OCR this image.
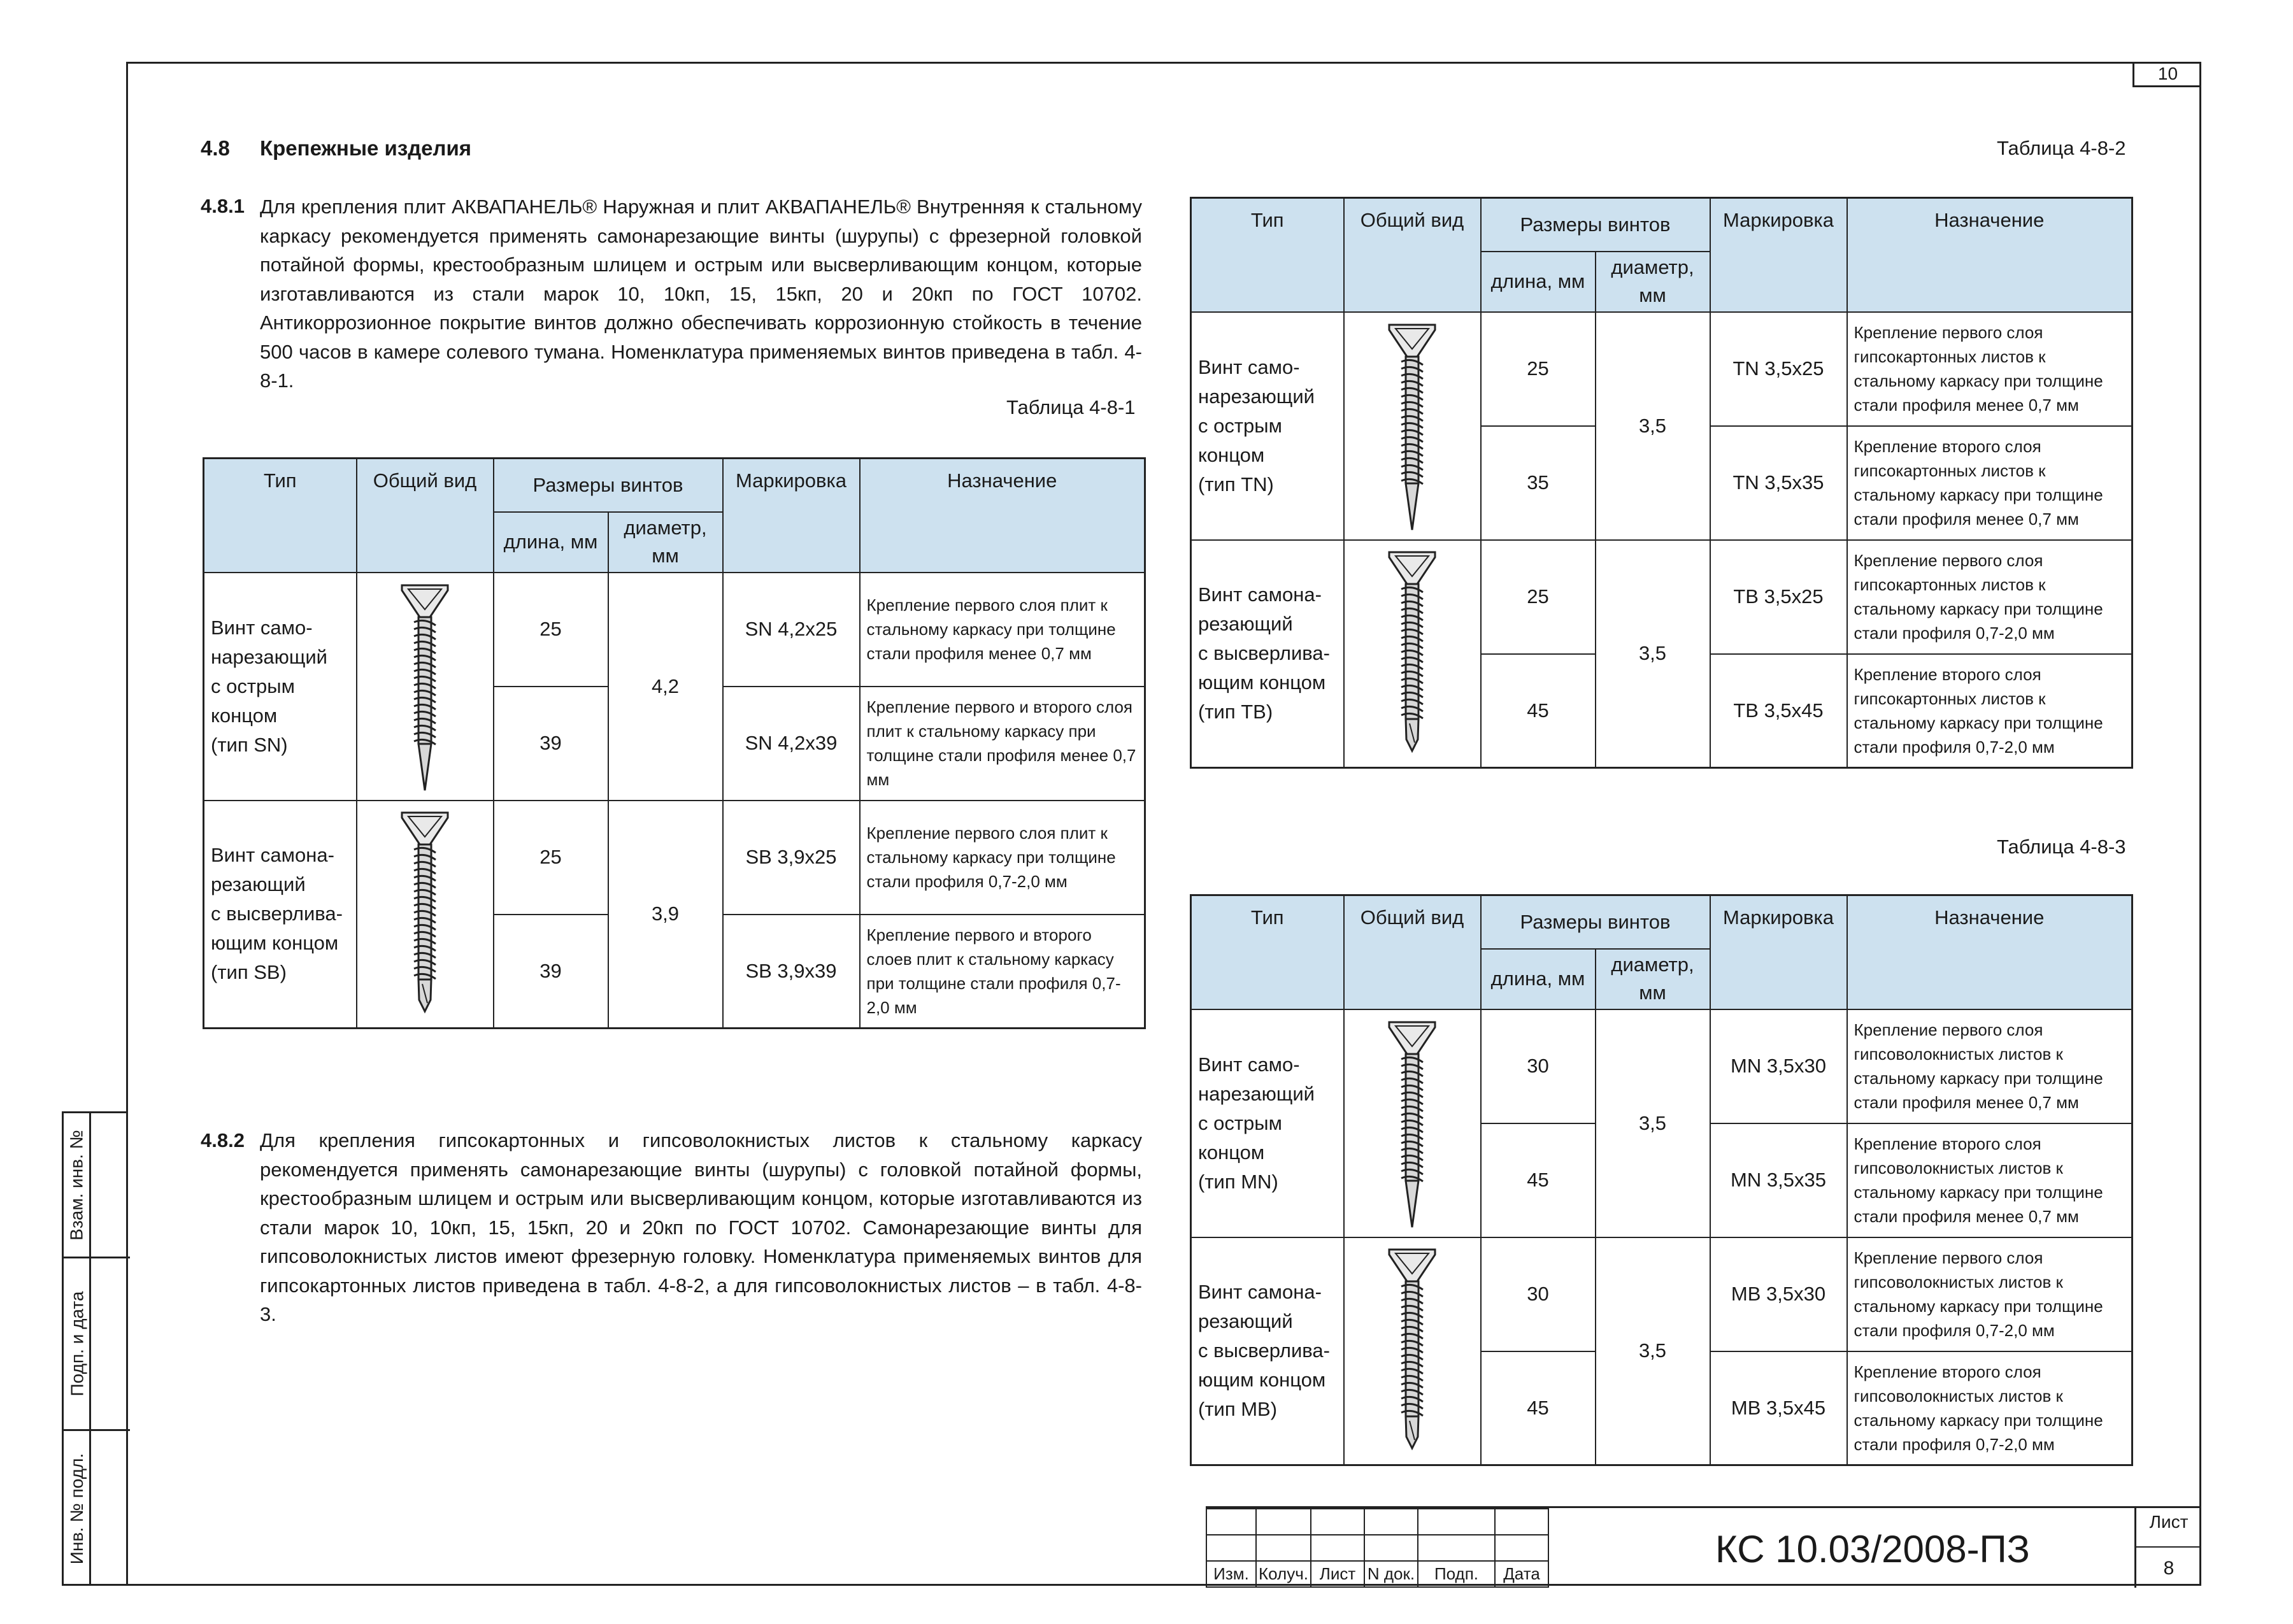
10
Взам. инв. №
Подп. и дата
Инв. № подл.
4.8 Крепежные изделия
4.8.1 Для крепления плит АКВАПАНЕЛЬ® Наружная и плит АКВАПАНЕЛЬ® Внутренняя к стальному каркасу рекомендуется применять самонарезающие винты (шурупы) с фрезерной головкой потайной формы, крестообразным шлицем и острым или высверливающим концом, которые изготавливаются из стали марок 10, 10кп, 15, 15кп, 20 и 20кп по ГОСТ 10702. Антикоррозионное покрытие винтов должно обеспечивать коррозионную стойкость в течение 500 часов в камере солевого тумана. Номенклатура применяемых винтов приведена в табл. 4-8-1.
Таблица 4-8-1
Тип	Общий вид	Размеры винтов		Маркировка	Назначение
		длина, мм	диаметр, мм		
Винт само-
нарезающий
с острым
концом
(тип SN)		25	4,2	SN 4,2x25	Крепление первого слоя плит к стальному каркасу при толщине стали профиля менее 0,7 мм
		39		SN 4,2x39	Крепление первого и второго слоя плит к стальному каркасу при толщине стали профиля менее 0,7 мм
Винт самона-
резающий
с высверлива-
ющим концом
(тип SB)		25	3,9	SB 3,9x25	Крепление первого слоя плит к стальному каркасу при толщине стали профиля 0,7-2,0 мм
		39		SB 3,9x39	Крепление первого и второго слоев плит к стальному каркасу при толщине стали профиля 0,7-2,0 мм
4.8.2 Для крепления гипсокартонных и гипсоволокнистых листов к стальному каркасу рекомендуется применять самонарезающие винты (шурупы) с головкой потайной формы, крестообразным шлицем и острым или высверливающим концом, которые изготавливаются из стали марок 10, 10кп, 15, 15кп, 20 и 20кп по ГОСТ 10702. Самонарезающие винты для гипсоволокнистых листов имеют фрезерную головку. Номенклатура применяемых винтов для гипсокартонных листов приведена в табл. 4-8-2, а для гипсоволокнистых листов – в табл. 4-8-3.
Таблица 4-8-2
Тип	Общий вид	Размеры винтов		Маркировка	Назначение
		длина, мм	диаметр, мм		
Винт само-
нарезающий
с острым
концом
(тип TN)		25	3,5	TN 3,5x25	Крепление первого слоя гипсокартонных листов к стальному каркасу при толщине стали профиля менее 0,7 мм
		35		TN 3,5x35	Крепление второго слоя гипсокартонных листов к стальному каркасу при толщине стали профиля менее 0,7 мм
Винт самона-
резающий
с высверлива-
ющим концом
(тип TB)		25	3,5	TB 3,5x25	Крепление первого слоя гипсокартонных листов к стальному каркасу при толщине стали профиля 0,7-2,0 мм
		45		TB 3,5x45	Крепление второго слоя гипсокартонных листов к стальному каркасу при толщине стали профиля 0,7-2,0 мм
Таблица 4-8-3
Тип	Общий вид	Размеры винтов		Маркировка	Назначение
		длина, мм	диаметр, мм		
Винт само-
нарезающий
с острым
концом
(тип MN)		30	3,5	MN 3,5x30	Крепление первого слоя гипсоволокнистых листов к стальному каркасу при толщине стали профиля менее 0,7 мм
		45		MN 3,5x35	Крепление второго слоя гипсоволокнистых листов к стальному каркасу при толщине стали профиля менее 0,7 мм
Винт самона-
резающий
с высверлива-
ющим концом
(тип MB)		30	3,5	MB 3,5x30	Крепление первого слоя гипсоволокнистых листов к стальному каркасу при толщине стали профиля 0,7-2,0 мм
		45		MB 3,5x45	Крепление второго слоя гипсоволокнистых листов к стальному каркасу при толщине стали профиля 0,7-2,0 мм

Изм.	Колуч.	Лист	N док.	Подп.	Дата
КС 10.03/2008-ПЗ
Лист
8
